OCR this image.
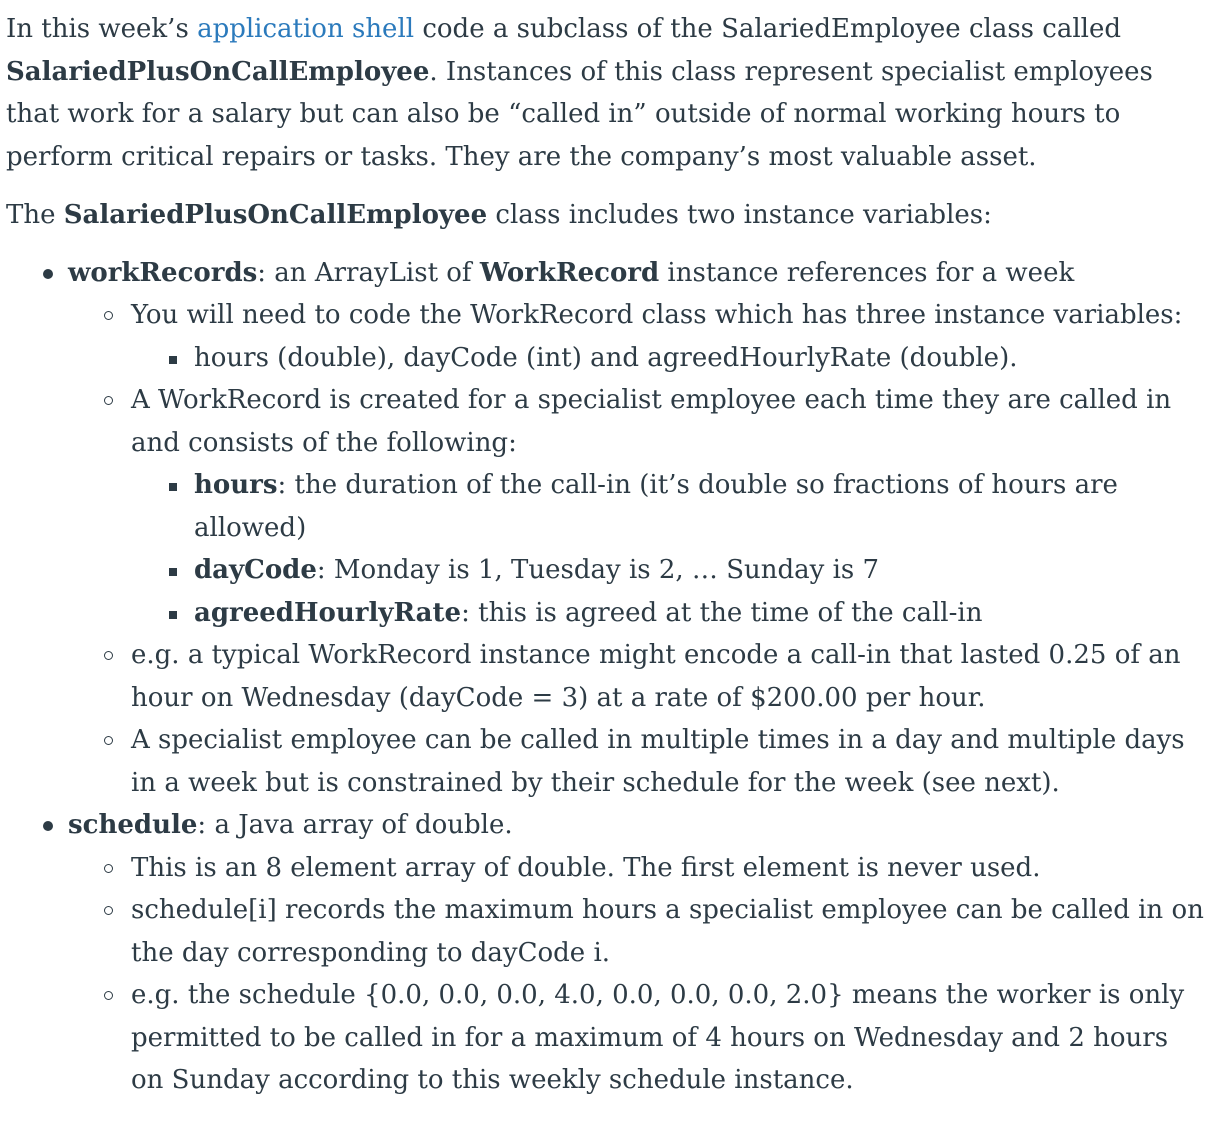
In this week’s application shell code a subclass of the SalariedEmployee class called SalariedPlusOnCallEmployee. Instances of this class represent specialist employees that work for a salary but can also be “called in” outside of normal working hours to perform critical repairs or tasks. They are the company’s most valuable asset.

The SalariedPlusOnCallEmployee class includes two instance variables:

workRecords: an ArrayList of WorkRecord instance references for a week
You will need to code the WorkRecord class which has three instance variables:
hours (double), dayCode (int) and agreedHourlyRate (double).
A WorkRecord is created for a specialist employee each time they are called in and consists of the following:
hours: the duration of the call-in (it’s double so fractions of hours are allowed)
dayCode: Monday is 1, Tuesday is 2, … Sunday is 7
agreedHourlyRate: this is agreed at the time of the call-in
e.g. a typical WorkRecord instance might encode a call-in that lasted 0.25 of an hour on Wednesday (dayCode = 3) at a rate of $200.00 per hour.
A specialist employee can be called in multiple times in a day and multiple days in a week but is constrained by their schedule for the week (see next).
schedule: a Java array of double.
This is an 8 element array of double. The first element is never used.
schedule[i] records the maximum hours a specialist employee can be called in on the day corresponding to dayCode i.
e.g. the schedule {0.0, 0.0, 0.0, 4.0, 0.0, 0.0, 0.0, 2.0} means the worker is only permitted to be called in for a maximum of 4 hours on Wednesday and 2 hours on Sunday according to this weekly schedule instance.
